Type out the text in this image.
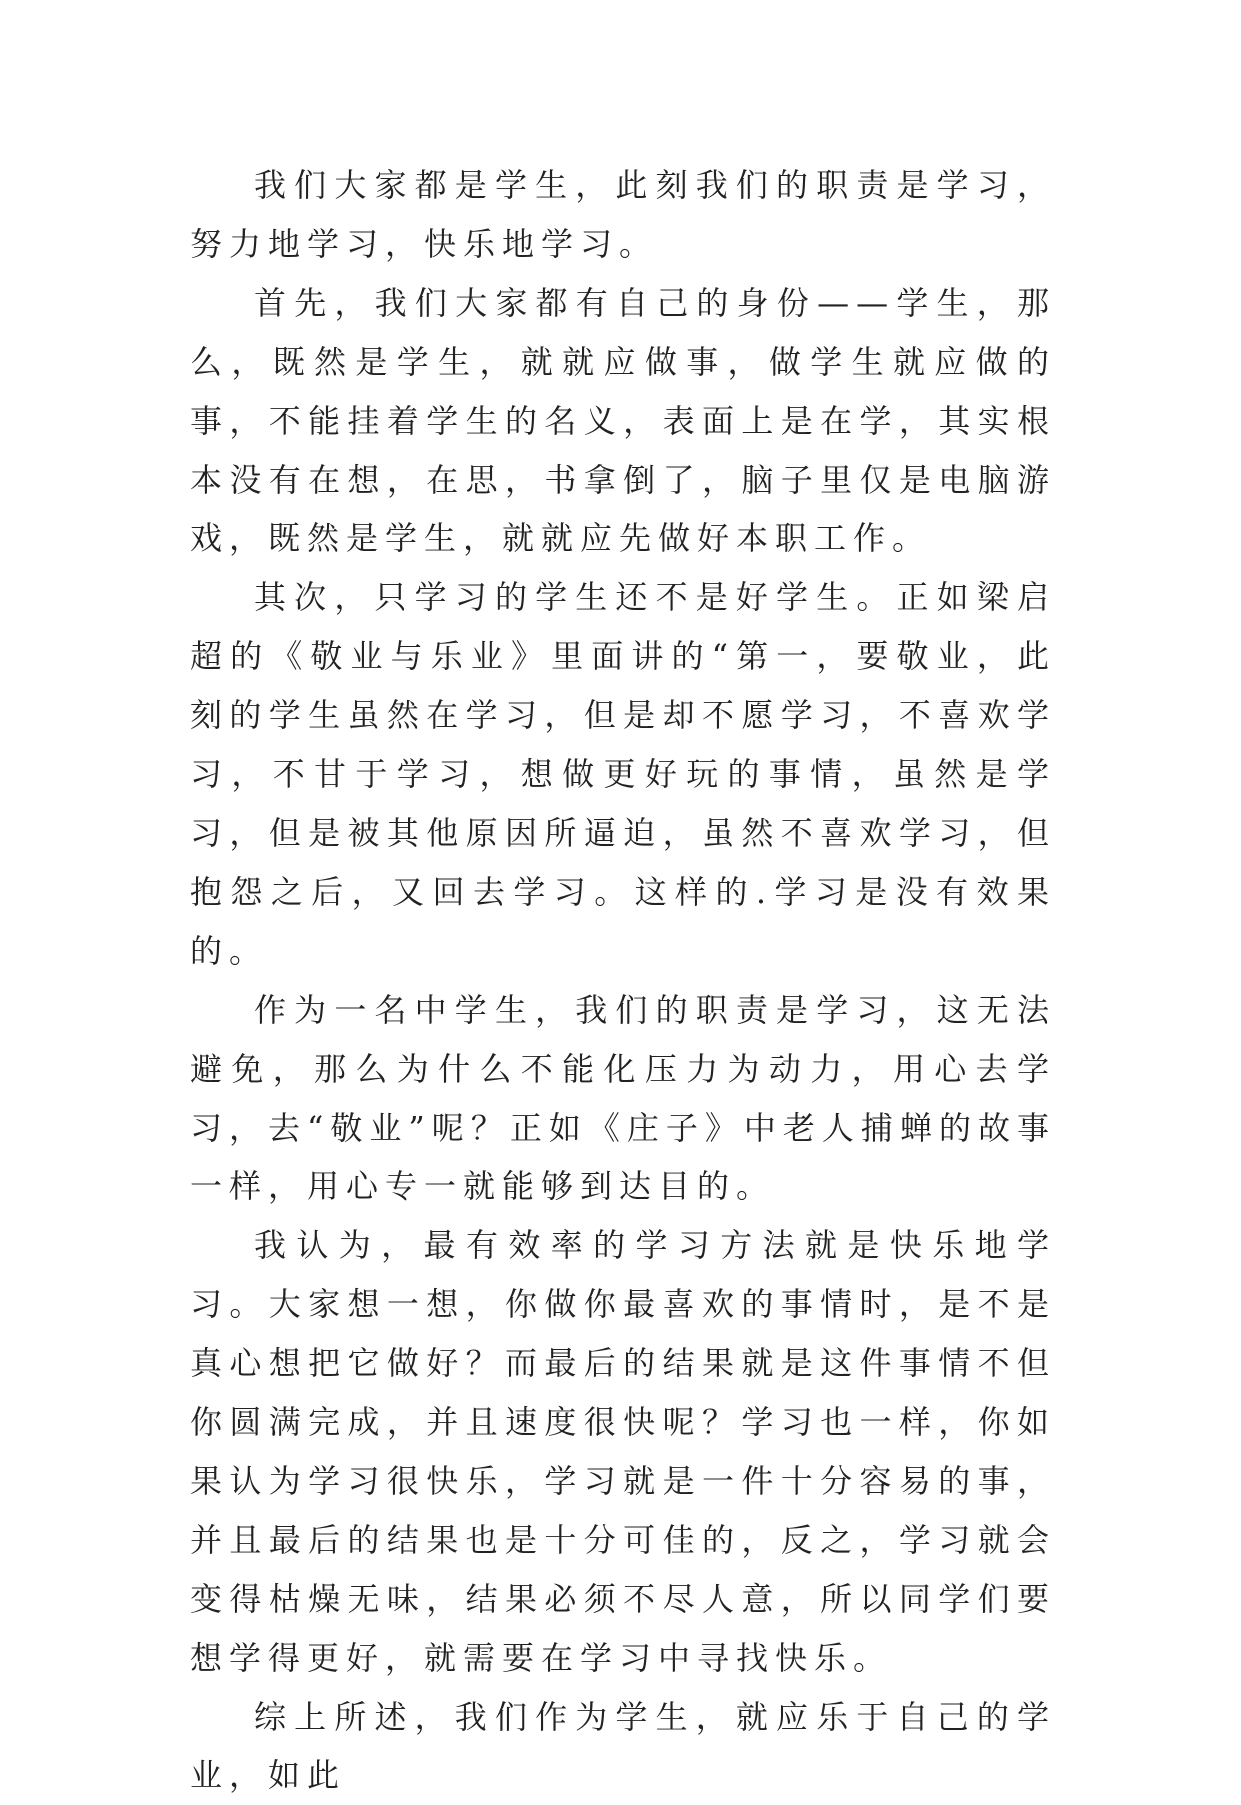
我们大家都是学生，此刻我们的职责是学习，努力地学习，快乐地学习。

首先，我们大家都有自己的身份——学生，那么，既然是学生，就就应做事，做学生就应做的事，不能挂着学生的名义，表面上是在学，其实根本没有在想，在思，书拿倒了，脑子里仅是电脑游戏，既然是学生，就就应先做好本职工作。

其次，只学习的学生还不是好学生。正如梁启超的《敬业与乐业》里面讲的“第一，要敬业，此刻的学生虽然在学习，但是却不愿学习，不喜欢学习，不甘于学习，想做更好玩的事情，虽然是学习，但是被其他原因所逼迫，虽然不喜欢学习，但抱怨之后，又回去学习。这样的.学习是没有效果的。

作为一名中学生，我们的职责是学习，这无法避免，那么为什么不能化压力为动力，用心去学习，去“敬业”呢？正如《庄子》中老人捕蝉的故事一样，用心专一就能够到达目的。

我认为，最有效率的学习方法就是快乐地学习。大家想一想，你做你最喜欢的事情时，是不是真心想把它做好？而最后的结果就是这件事情不但你圆满完成，并且速度很快呢？学习也一样，你如果认为学习很快乐，学习就是一件十分容易的事，并且最后的结果也是十分可佳的，反之，学习就会变得枯燥无味，结果必须不尽人意，所以同学们要想学得更好，就需要在学习中寻找快乐。

综上所述，我们作为学生，就应乐于自己的学业，如此
